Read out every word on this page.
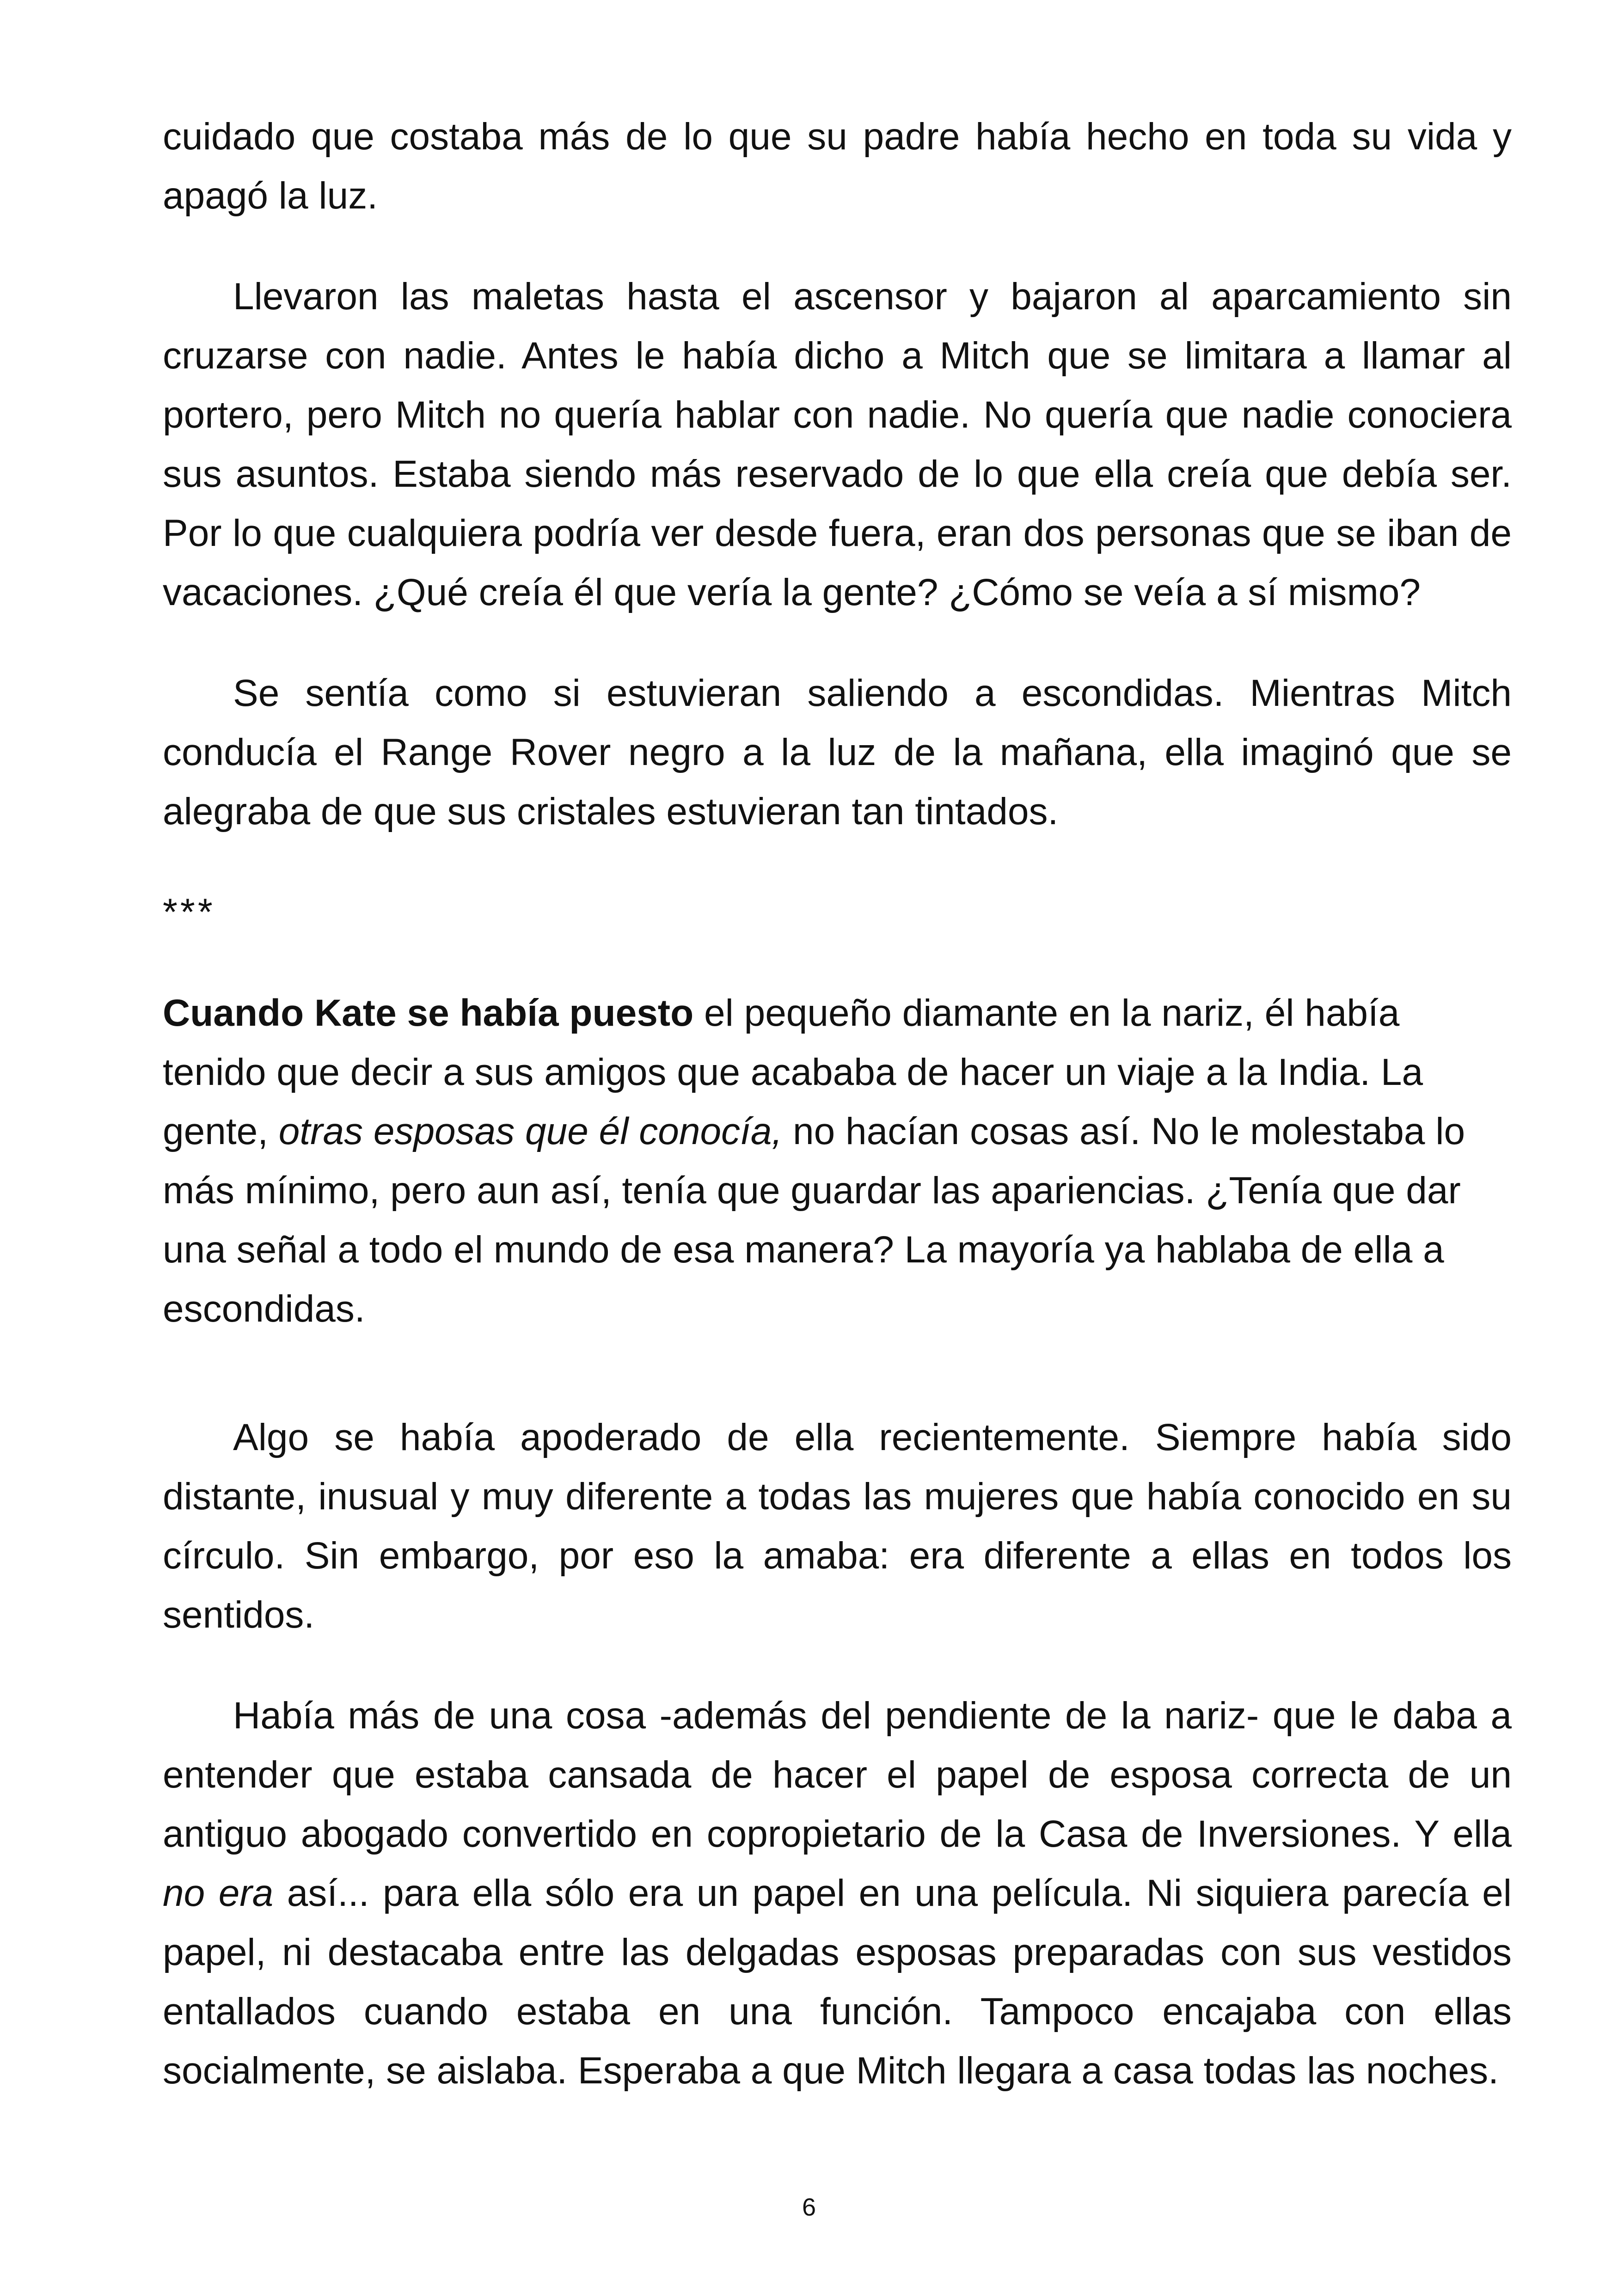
cuidado que costaba más de lo que su padre había hecho en toda su vida y apagó la luz.

Llevaron las maletas hasta el ascensor y bajaron al aparcamiento sin cruzarse con nadie. Antes le había dicho a Mitch que se limitara a llamar al portero, pero Mitch no quería hablar con nadie. No quería que nadie conociera sus asuntos. Estaba siendo más reservado de lo que ella creía que debía ser. Por lo que cualquiera podría ver desde fuera, eran dos personas que se iban de vacaciones. ¿Qué creía él que vería la gente? ¿Cómo se veía a sí mismo?

Se sentía como si estuvieran saliendo a escondidas. Mientras Mitch conducía el Range Rover negro a la luz de la mañana, ella imaginó que se alegraba de que sus cristales estuvieran tan tintados.

***

Cuando Kate se había puesto el pequeño diamante en la nariz, él había tenido que decir a sus amigos que acababa de hacer un viaje a la India. La gente, otras esposas que él conocía, no hacían cosas así. No le molestaba lo más mínimo, pero aun así, tenía que guardar las apariencias. ¿Tenía que dar una señal a todo el mundo de esa manera? La mayoría ya hablaba de ella a escondidas.

Algo se había apoderado de ella recientemente. Siempre había sido distante, inusual y muy diferente a todas las mujeres que había conocido en su círculo. Sin embargo, por eso la amaba: era diferente a ellas en todos los sentidos.

Había más de una cosa -además del pendiente de la nariz- que le daba a entender que estaba cansada de hacer el papel de esposa correcta de un antiguo abogado convertido en copropietario de la Casa de Inversiones. Y ella no era así... para ella sólo era un papel en una película. Ni siquiera parecía el papel, ni destacaba entre las delgadas esposas preparadas con sus vestidos entallados cuando estaba en una función. Tampoco encajaba con ellas socialmente, se aislaba. Esperaba a que Mitch llegara a casa todas las noches.

6
